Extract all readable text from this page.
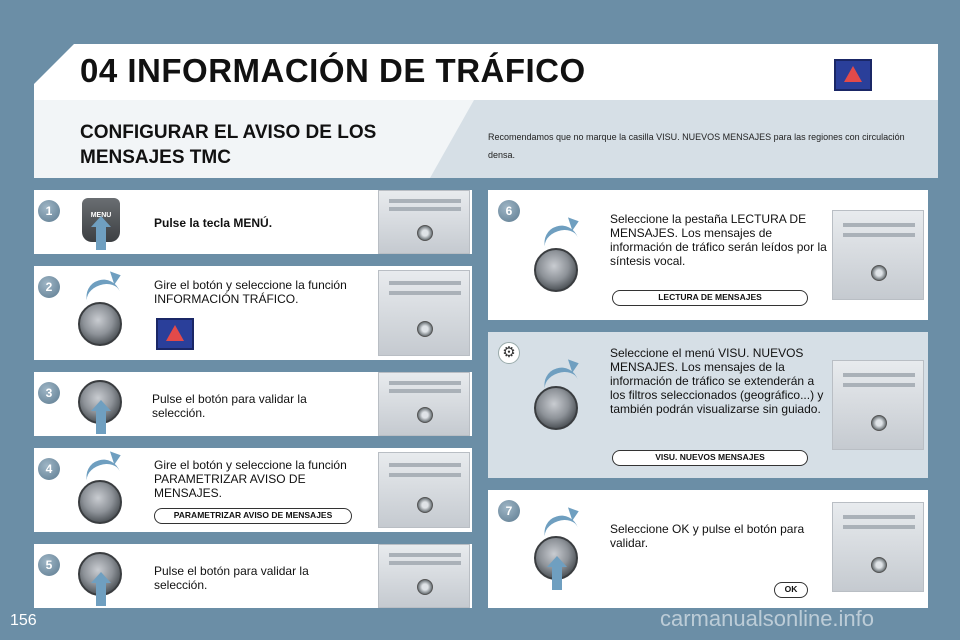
04 INFORMACIÓN DE TRÁFICO
CONFIGURAR EL AVISO DE LOS MENSAJES TMC
Recomendamos que no marque la casilla VISU. NUEVOS MENSAJES para las regiones con circulación densa.
1
Pulse la tecla MENÚ.
2	Gire el botón y seleccione la función INFORMACIÓN TRÁFICO.
3	Pulse el botón para validar la selección.
4	Gire el botón y seleccione la función PARAMETRIZAR AVISO DE MENSAJES.
PARAMETRIZAR AVISO DE MENSAJES
5	Pulse el botón para validar la selección.
6
Seleccione la pestaña LECTURA DE MENSAJES. Los mensajes de información de tráfico serán leídos por la síntesis vocal.
LECTURA DE MENSAJES
⚙	Seleccione el menú VISU. NUEVOS MENSAJES. Los mensajes de la información de tráfico se extenderán a los filtros seleccionados (geográfico...) y también podrán visualizarse sin guiado.
VISU. NUEVOS MENSAJES
7
Seleccione OK y pulse el botón para validar.
OK
156	carmanualsonline.info
